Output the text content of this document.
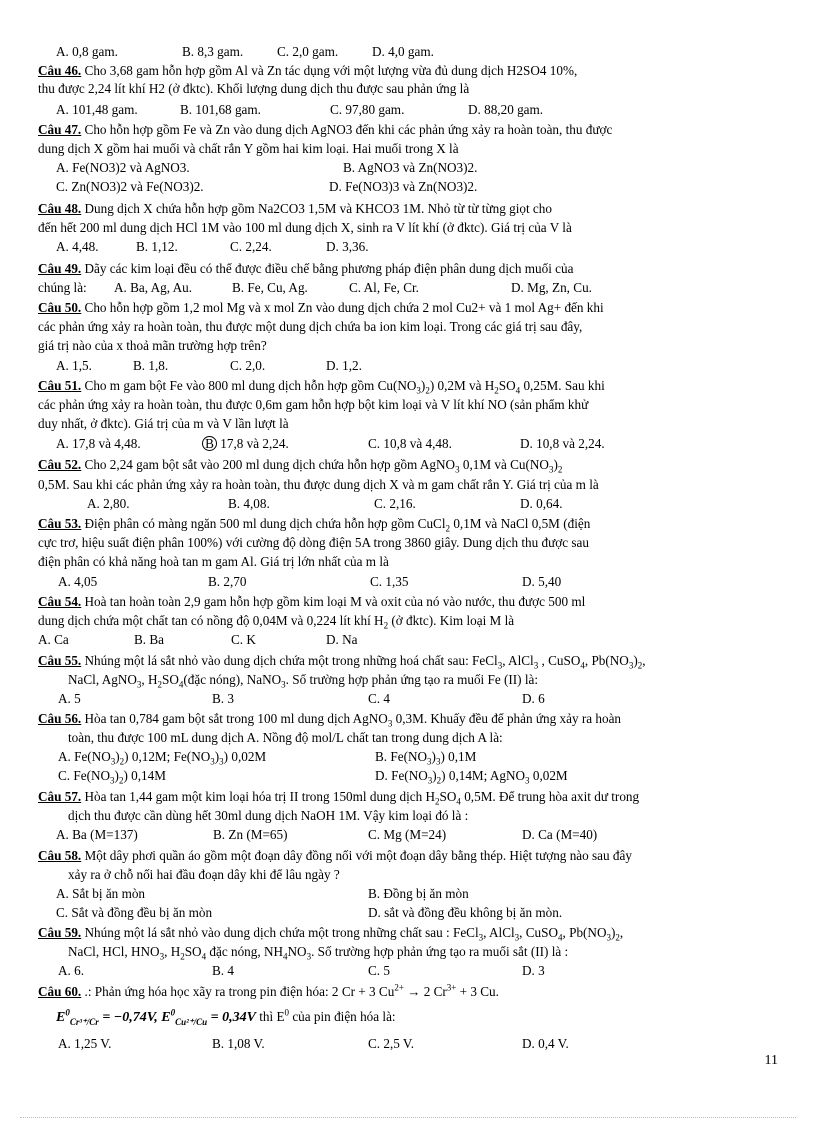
A. 0,8 gam.	B. 8,3 gam.	C. 2,0 gam.	D. 4,0 gam.
Câu 46. Cho 3,68 gam hỗn hợp gồm Al và Zn tác dụng với một lượng vừa đủ dung dịch H2SO4 10%,
thu được 2,24 lít khí H2 (ở đktc). Khối lượng dung dịch thu được sau phản ứng là
A. 101,48 gam.	B. 101,68 gam.	C. 97,80 gam.	D. 88,20 gam.
Câu 47. Cho hỗn hợp gồm Fe và Zn vào dung dịch AgNO3 đến khi các phản ứng xảy ra hoàn toàn, thu được
dung dịch X gồm hai muối và chất rắn Y gồm hai kim loại. Hai muối trong X là
A. Fe(NO3)2 và AgNO3.	B. AgNO3 và Zn(NO3)2.
C. Zn(NO3)2 và Fe(NO3)2.	D. Fe(NO3)3 và Zn(NO3)2.
Câu 48. Dung dịch X chứa hỗn hợp gồm Na2CO3 1,5M và KHCO3 1M. Nhỏ từ từ từng giọt cho
đến hết 200 ml dung dịch HCl 1M vào 100 ml dung dịch X, sinh ra V lít khí (ở đktc). Giá trị của V là
A. 4,48.	B. 1,12.	C. 2,24.	D. 3,36.
Câu 49. Dãy các kim loại đều có thể được điều chế bằng phương pháp điện phân dung dịch muối của
chúng là: A. Ba, Ag, Au.	B. Fe, Cu, Ag.	C. Al, Fe, Cr.	D. Mg, Zn, Cu.
Câu 50. Cho hỗn hợp gồm 1,2 mol Mg và x mol Zn vào dung dịch chứa 2 mol Cu2+ và 1 mol Ag+ đến khi
các phản ứng xảy ra hoàn toàn, thu được một dung dịch chứa ba ion kim loại. Trong các giá trị sau đây,
giá trị nào của x thoả mãn trường hợp trên?
A. 1,5.	B. 1,8.	C. 2,0.	D. 1,2.
Câu 51. Cho m gam bột Fe vào 800 ml dung dịch hỗn hợp gồm $Cu(NO_3)_2$) 0,2M và $H_2SO_4$ 0,25M. Sau khi
các phản ứng xảy ra hoàn toàn, thu được 0,6m gam hỗn hợp bột kim loại và V lít khí NO (sản phẩm khử
duy nhất, ở đktc). Giá trị của m và V lần lượt là
A. 17,8 và 4,48.	B 17,8 và 2,24.	C. 10,8 và 4,48.	D. 10,8 và 2,24.
Câu 52. Cho 2,24 gam bột sắt vào 200 ml dung dịch chứa hỗn hợp gồm AgNO$_3$ 0,1M và $Cu(NO_3)_2$
0,5M. Sau khi các phản ứng xảy ra hoàn toàn, thu được dung dịch X và m gam chất rắn Y. Giá trị của m là
A. 2,80.	B. 4,08.	C. 2,16.	D. 0,64.
Câu 53. Điện phân có màng ngăn 500 ml dung dịch chứa hỗn hợp gồm CuCl$_2$ 0,1M và NaCl 0,5M (điện
cực trơ, hiệu suất điện phân 100%) với cường độ dòng điện 5A trong 3860 giây. Dung dịch thu được sau
điện phân có khả năng hoà tan m gam Al. Giá trị lớn nhất của m là
A. 4,05	B. 2,70	C. 1,35	D. 5,40
Câu 54. Hoà tan hoàn toàn 2,9 gam hỗn hợp gồm kim loại M và oxit của nó vào nước, thu được 500 ml
dung dịch chứa một chất tan có nồng độ 0,04M và 0,224 lít khí $H_2$ (ở đktc). Kim loại M là
A. Ca	B. Ba	C. K	D. Na
Câu 55. Nhúng một lá sắt nhỏ vào dung dịch chứa một trong những hoá chất sau: FeCl$_3$, AlCl$_3$ , CuSO$_4$, $Pb(NO_3)_2$,
NaCl, AgNO$_3$, $H_2SO_4(đặc$ nóng), NaNO$_3$. Số trường hợp phản ứng tạo ra muối Fe (II) là:
A. 5	B. 3	C. 4	D. 6
Câu 56. Hòa tan 0,784 gam bột sắt trong 100 ml dung dịch AgNO$_3$ 0,3M. Khuấy đều để phản ứng xảy ra hoàn
toàn, thu được 100 mL dung dịch A. Nồng độ mol/L chất tan trong dung dịch A là:
A. $Fe(NO_3)_2$) 0,12M; $Fe(NO_3)_3$) 0,02M	B. $Fe(NO_3)_3$) 0,1M
C. $Fe(NO_3)_2$) 0,14M	D. $Fe(NO_3)_2$) 0,14M; AgNO$_3$ 0,02M
Câu 57. Hòa tan 1,44 gam một kim loại hóa trị II trong 150ml dung dịch $H_2SO_4$ 0,5M. Để trung hòa axit dư trong
dịch thu được cần dùng hết 30ml dung dịch NaOH 1M. Vậy kim loại đó là :
A. Ba (M=137)	B. Zn (M=65)	C. Mg (M=24)	D. Ca (M=40)
Câu 58. Một dây phơi quần áo gồm một đoạn dây đồng nối với một đoạn dây bằng thép. Hiệt tượng nào sau đây
xảy ra ở chỗ nối hai đầu đoạn dây khi để lâu ngày ?
A. Sắt bị ăn mòn	B. Đồng bị ăn mòn
C. Sắt và đồng đều bị ăn mòn	D. sắt và đồng đều không bị ăn mòn.
Câu 59. Nhúng một lá sắt nhỏ vào dung dịch chứa một trong những chất sau : FeCl$_3$, AlCl$_3$, CuSO$_4$, $Pb(NO_3)_2$,
NaCl, HCl, $HNO_3$, $H_2SO_4$ đặc nóng, $NH_4NO_3$. Số trường hợp phản ứng tạo ra muối sắt (II) là :
A. 6.	B. 4	C. 5	D. 3
Câu 60. .: Phản ứng hóa học xãy ra trong pin điện hóa: 2 Cr + 3 $Cu^{2+} \to 2$ $Cr^{3+} + 3$ Cu.
$E^0_{Cr^{3+}/Cr} = -0,74V$, $E^0_{Cu^{2+}/Cu} = 0,34V$ thì $E^0$ của pin điện hóa là:
A. 1,25 V.	B. 1,08 V.	C. 2,5 V.	D. 0,4 V.
11
